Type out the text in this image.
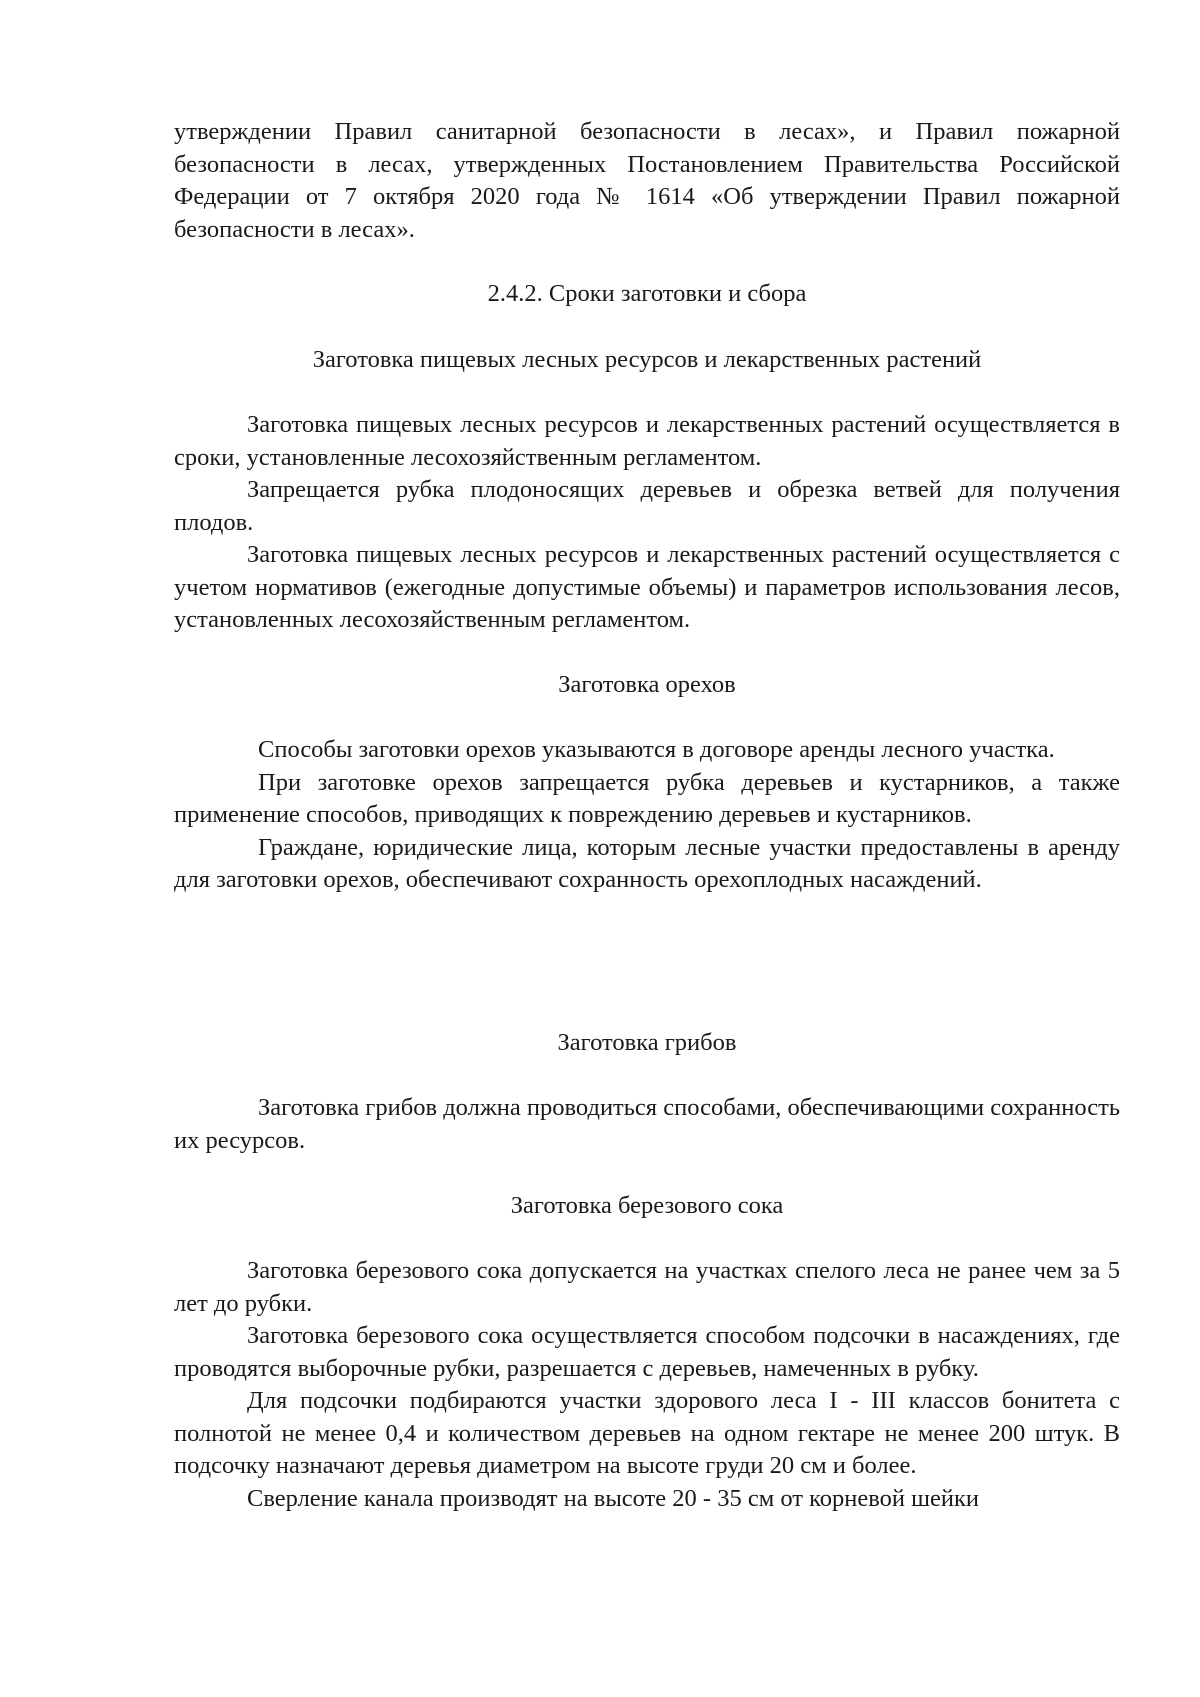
утверждении Правил санитарной безопасности в лесах», и Правил пожарной безопасности в лесах, утвержденных Постановлением Правительства Российской Федерации от 7 октября 2020 года № 1614 «Об утверждении Правил пожарной безопасности в лесах».

2.4.2. Сроки заготовки и сбора

Заготовка пищевых лесных ресурсов и лекарственных растений

Заготовка пищевых лесных ресурсов и лекарственных растений осуществляется в сроки, установленные лесохозяйственным регламентом.

Запрещается рубка плодоносящих деревьев и обрезка ветвей для получения плодов.

Заготовка пищевых лесных ресурсов и лекарственных растений осуществляется с учетом нормативов (ежегодные допустимые объемы) и параметров использования лесов, установленных лесохозяйственным регламентом.

Заготовка орехов

Способы заготовки орехов указываются в договоре аренды лесного участка.

При заготовке орехов запрещается рубка деревьев и кустарников, а также применение способов, приводящих к повреждению деревьев и кустарников.

Граждане, юридические лица, которым лесные участки предоставлены в аренду для заготовки орехов, обеспечивают сохранность орехоплодных насаждений.

Заготовка грибов

Заготовка грибов должна проводиться способами, обеспечивающими сохранность их ресурсов.

Заготовка березового сока

Заготовка березового сока допускается на участках спелого леса не ранее чем за 5 лет до рубки.

Заготовка березового сока осуществляется способом подсочки в насаждениях, где проводятся выборочные рубки, разрешается с деревьев, намеченных в рубку.

Для подсочки подбираются участки здорового леса I - III классов бонитета с полнотой не менее 0,4 и количеством деревьев на одном гектаре не менее 200 штук. В подсочку назначают деревья диаметром на высоте груди 20 см и более.

Сверление канала производят на высоте 20 - 35 см от корневой шейки
